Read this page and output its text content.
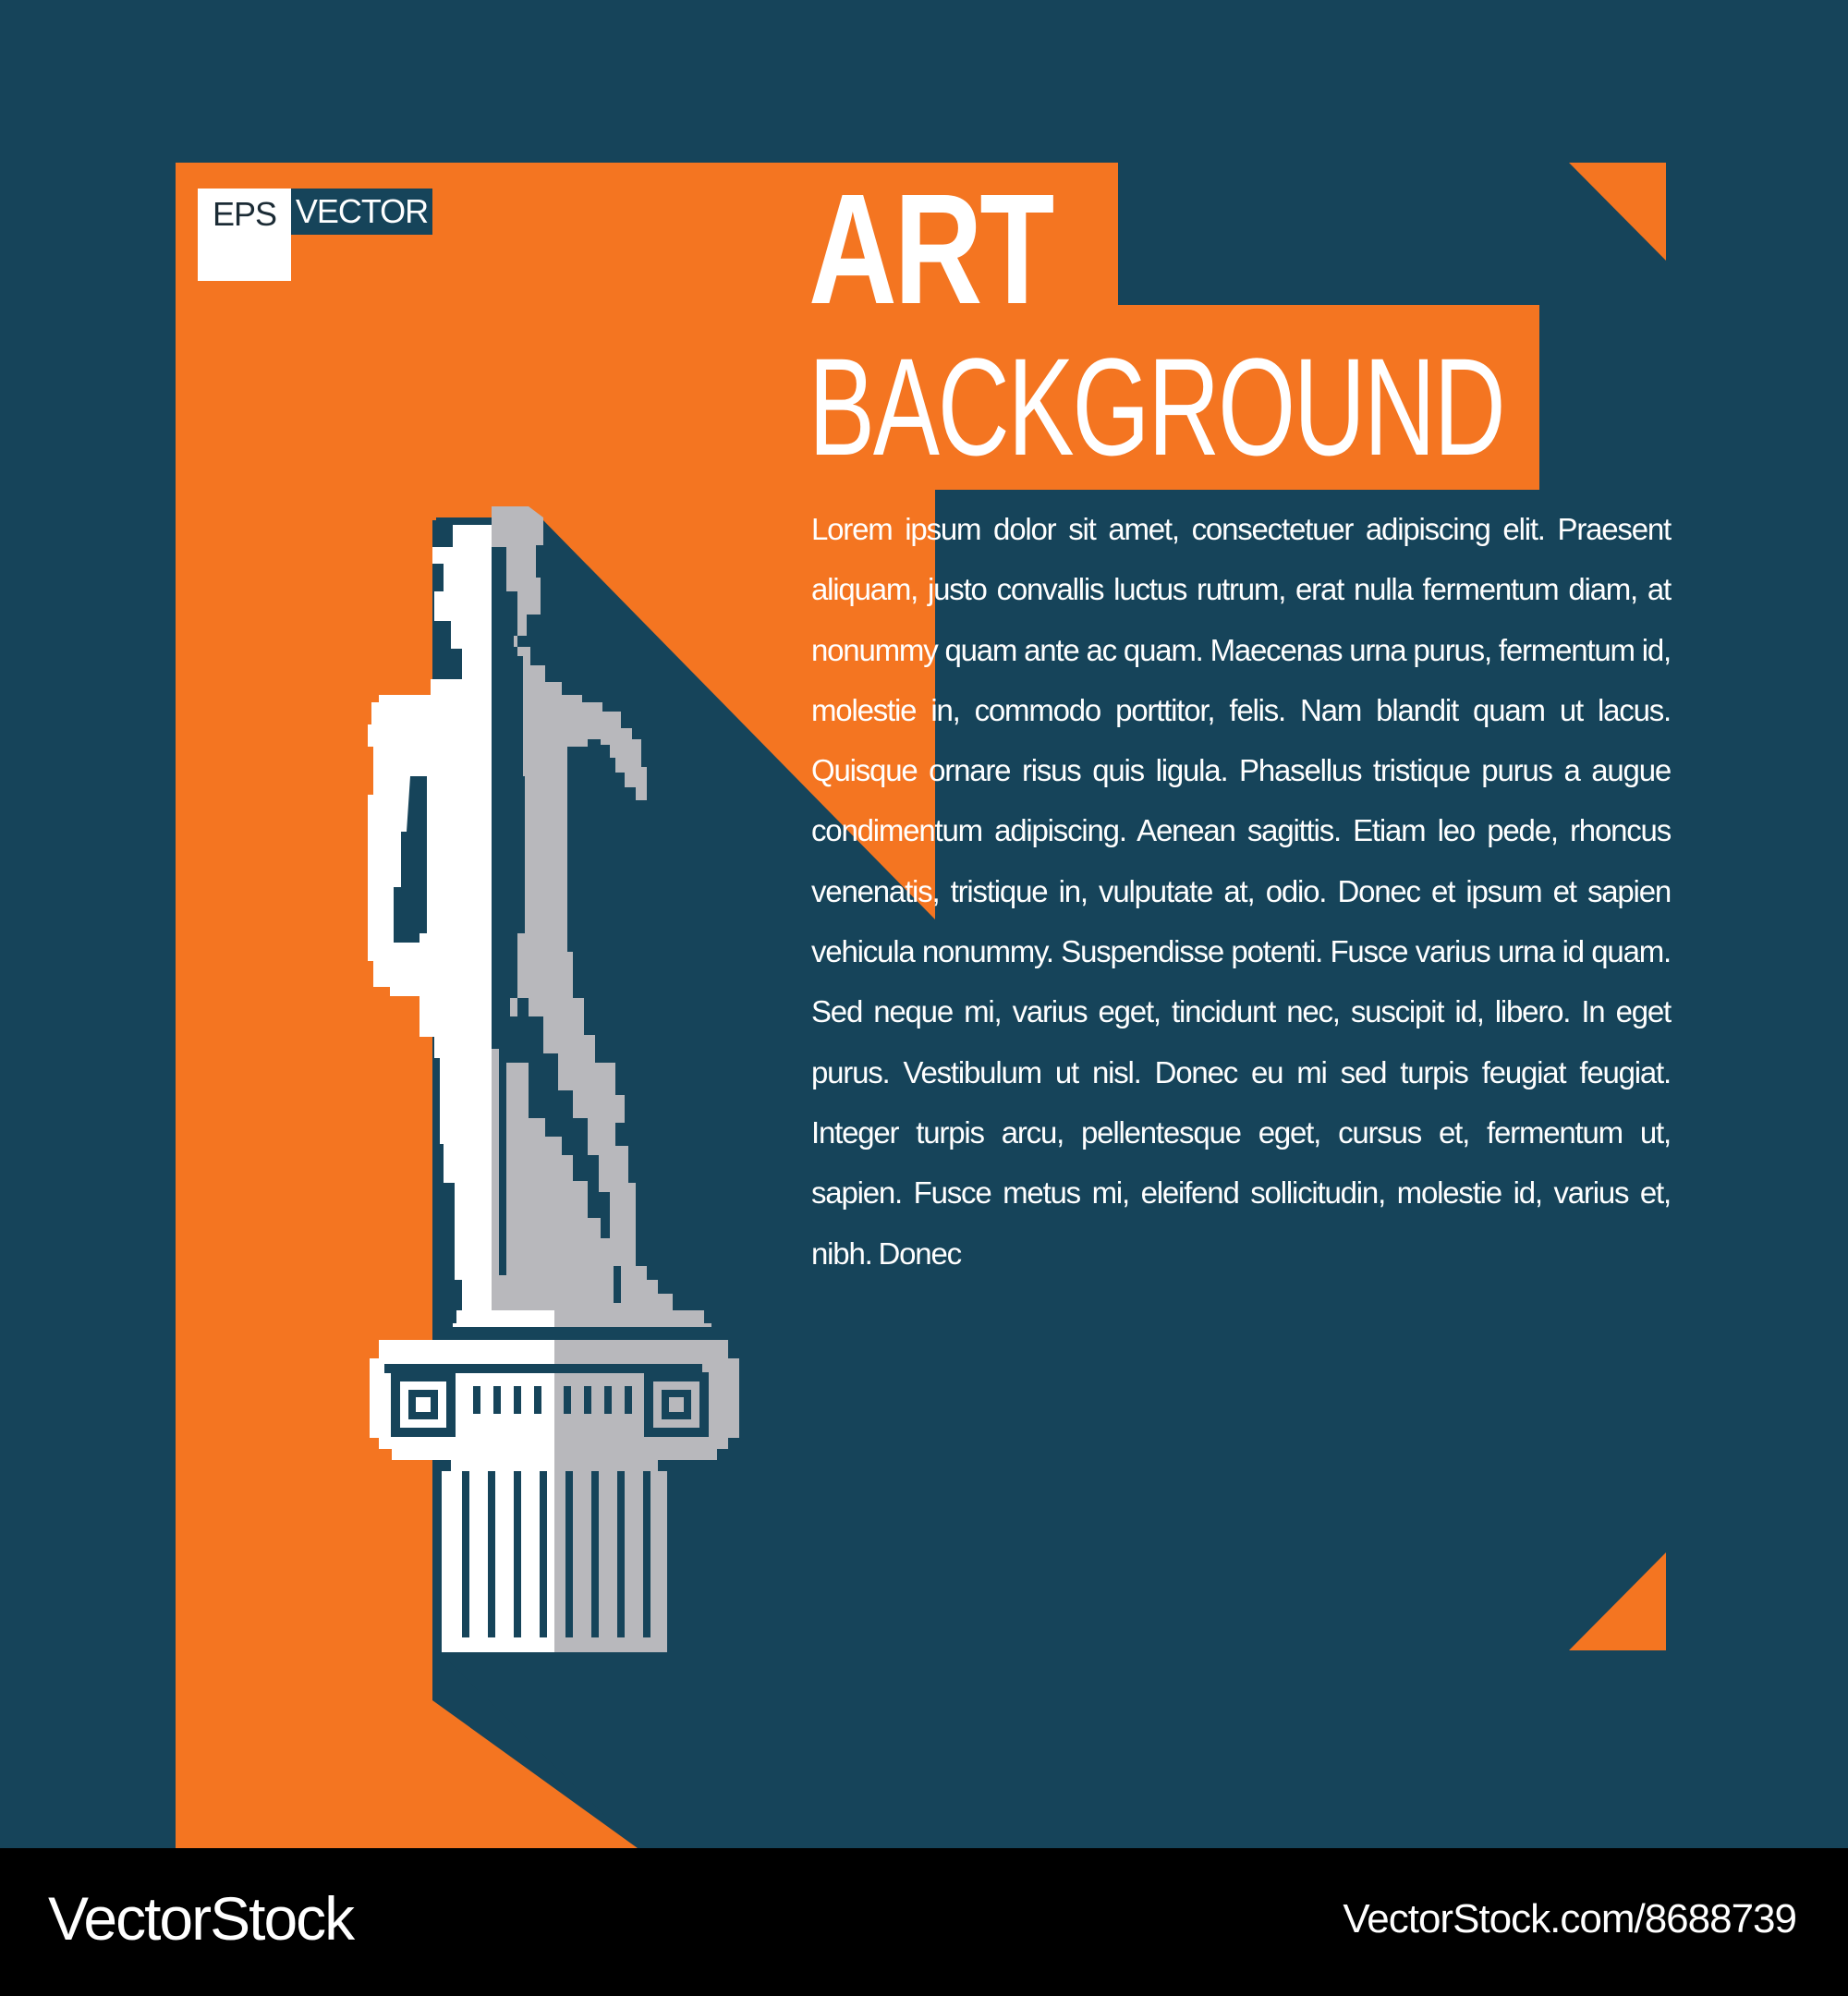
EPS VECTOR ART
BACKGROUND
Lorem ipsum dolor sit amet, consectetuer adipiscing elit. Praesent aliquam, justo convallis luctus rutrum, erat nulla fermentum diam, at nonummy quam ante ac quam. Maecenas urna purus, fermentum id, molestie in, commodo porttitor, felis. Nam blandit quam ut lacus. Quisque ornare risus quis ligula. Phasellus tristique purus a augue condimentum adipiscing. Aenean sagittis. Etiam leo pede, rhoncus venenatis, tristique in, vulputate at, odio. Donec et ipsum et sapien vehicula nonummy. Suspendisse potenti. Fusce varius urna id quam. Sed neque mi, varius eget, tincidunt nec, suscipit id, libero. In eget purus. Vestibulum ut nisl. Donec eu mi sed turpis feugiat feugiat. Integer turpis arcu, pellentesque eget, cursus et, fermentum ut, sapien. Fusce metus mi, eleifend sollicitudin, molestie id, varius et, nibh. Donec
VectorStock	VectorStock.com/8688739
